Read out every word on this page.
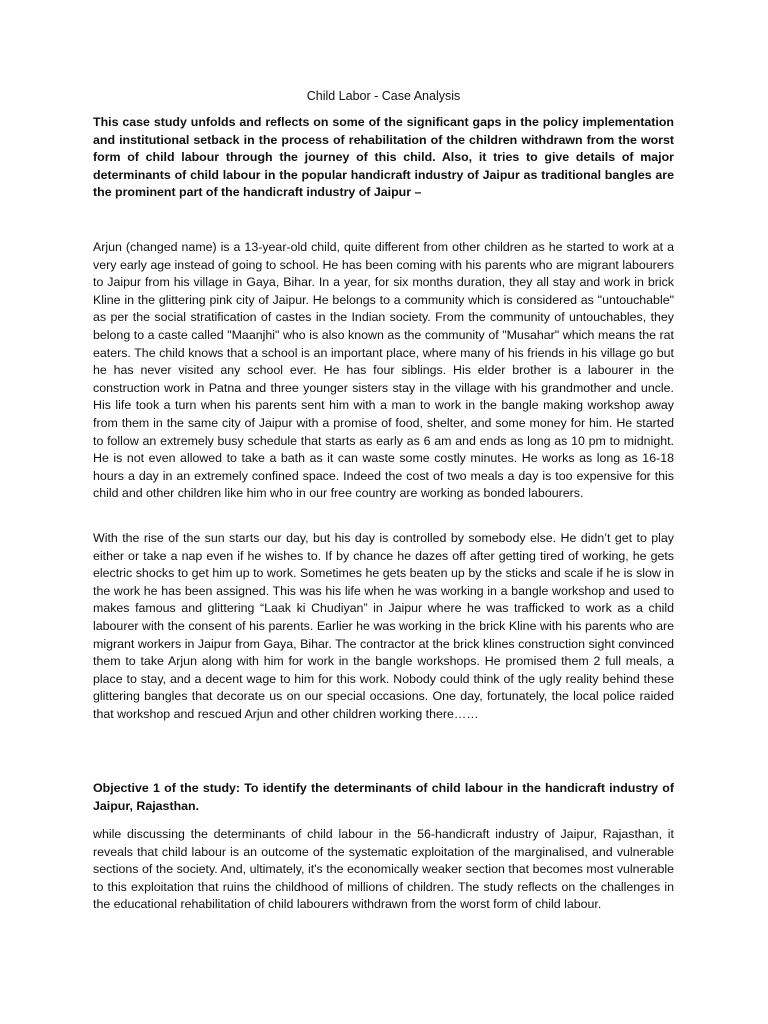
Child Labor - Case Analysis

This case study unfolds and reflects on some of the significant gaps in the policy implementation and institutional setback in the process of rehabilitation of the children withdrawn from the worst form of child labour through the journey of this child. Also, it tries to give details of major determinants of child labour in the popular handicraft industry of Jaipur as traditional bangles are the prominent part of the handicraft industry of Jaipur –

Arjun (changed name) is a 13-year-old child, quite different from other children as he started to work at a very early age instead of going to school. He has been coming with his parents who are migrant labourers to Jaipur from his village in Gaya, Bihar. In a year, for six months duration, they all stay and work in brick Kline in the glittering pink city of Jaipur. He belongs to a community which is considered as "untouchable" as per the social stratification of castes in the Indian society. From the community of untouchables, they belong to a caste called "Maanjhi" who is also known as the community of "Musahar" which means the rat eaters. The child knows that a school is an important place, where many of his friends in his village go but he has never visited any school ever. He has four siblings. His elder brother is a labourer in the construction work in Patna and three younger sisters stay in the village with his grandmother and uncle. His life took a turn when his parents sent him with a man to work in the bangle making workshop away from them in the same city of Jaipur with a promise of food, shelter, and some money for him. He started to follow an extremely busy schedule that starts as early as 6 am and ends as long as 10 pm to midnight. He is not even allowed to take a bath as it can waste some costly minutes. He works as long as 16-18 hours a day in an extremely confined space. Indeed the cost of two meals a day is too expensive for this child and other children like him who in our free country are working as bonded labourers.

With the rise of the sun starts our day, but his day is controlled by somebody else. He didn’t get to play either or take a nap even if he wishes to. If by chance he dazes off after getting tired of working, he gets electric shocks to get him up to work. Sometimes he gets beaten up by the sticks and scale if he is slow in the work he has been assigned. This was his life when he was working in a bangle workshop and used to makes famous and glittering “Laak ki Chudiyan” in Jaipur where he was trafficked to work as a child labourer with the consent of his parents. Earlier he was working in the brick Kline with his parents who are migrant workers in Jaipur from Gaya, Bihar. The contractor at the brick klines construction sight convinced them to take Arjun along with him for work in the bangle workshops. He promised them 2 full meals, a place to stay, and a decent wage to him for this work. Nobody could think of the ugly reality behind these glittering bangles that decorate us on our special occasions. One day, fortunately, the local police raided that workshop and rescued Arjun and other children working there……

Objective 1 of the study: To identify the determinants of child labour in the handicraft industry of Jaipur, Rajasthan.

while discussing the determinants of child labour in the 56-handicraft industry of Jaipur, Rajasthan, it reveals that child labour is an outcome of the systematic exploitation of the marginalised, and vulnerable sections of the society. And, ultimately, it's the economically weaker section that becomes most vulnerable to this exploitation that ruins the childhood of millions of children. The study reflects on the challenges in the educational rehabilitation of child labourers withdrawn from the worst form of child labour.
